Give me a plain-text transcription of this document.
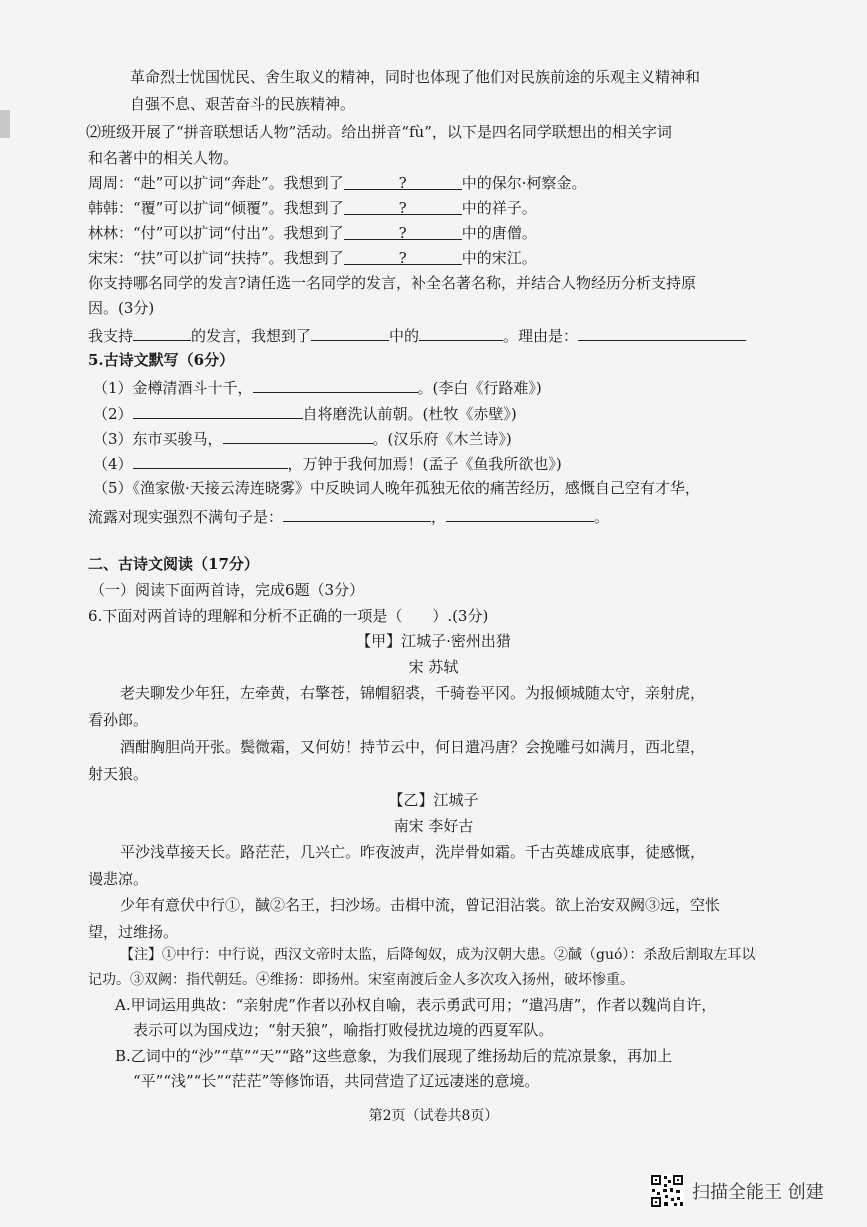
革命烈士忧国忧民、舍生取义的精神，同时也体现了他们对民族前途的乐观主义精神和
自强不息、艰苦奋斗的民族精神。
⑵班级开展了“拼音联想话人物”活动。给出拼音“fù”，以下是四名同学联想出的相关字词
和名著中的相关人物。
周周：“赴”可以扩词“奔赴”。我想到了	?	中的保尔·柯察金。
韩韩：“覆”可以扩词“倾覆”。我想到了	?	中的祥子。
林林：“付”可以扩词“付出”。我想到了	?	中的唐僧。
宋宋：“扶”可以扩词“扶持”。我想到了	?	中的宋江。
你支持哪名同学的发言?请任选一名同学的发言，补全名著名称，并结合人物经历分析支持原
因。(3分)
我支持	的发言，我想到了	中的	。理由是：
5.古诗文默写（6分）
（1）金樽清酒斗十千，	。(李白《行路难》)
（2）	自将磨洗认前朝。(杜牧《赤壁》)
（3）东市买骏马，	。(汉乐府《木兰诗》)
（4）	，万钟于我何加焉！(孟子《鱼我所欲也》)
（5）《渔家傲·天接云涛连晓雾》中反映词人晚年孤独无依的痛苦经历，感慨自己空有才华，
流露对现实强烈不满句子是：	，	。
二、古诗文阅读（17分）
（一）阅读下面两首诗，完成6题（3分）
6.下面对两首诗的理解和分析不正确的一项是（　　）.(3分)
【甲】江城子·密州出猎
宋 苏轼
老夫聊发少年狂，左牵黄，右擎苍，锦帽貂裘，千骑卷平冈。为报倾城随太守，亲射虎，
看孙郎。
酒酣胸胆尚开张。鬓微霜，又何妨！持节云中，何日遣冯唐？会挽雕弓如满月，西北望，
射天狼。
【乙】江城子
南宋 李好古
平沙浅草接天长。路茫茫，几兴亡。昨夜波声，洗岸骨如霜。千古英雄成底事，徒感慨，
谩悲凉。
少年有意伏中行①，馘②名王，扫沙场。击楫中流，曾记泪沾裳。欲上治安双阙③远，空怅
望，过维扬。
【注】①中行：中行说，西汉文帝时太监，后降匈奴，成为汉朝大患。②馘（guó）：杀敌后割取左耳以
记功。③双阙：指代朝廷。④维扬：即扬州。宋室南渡后金人多次攻入扬州，破坏惨重。
A.甲词运用典故：“亲射虎”作者以孙权自喻，表示勇武可用；“遣冯唐”，作者以魏尚自许，
表示可以为国戍边；“射天狼”，喻指打败侵扰边境的西夏军队。
B.乙词中的“沙”“草”“天”“路”这些意象，为我们展现了维扬劫后的荒凉景象，再加上
“平”“浅”“长”“茫茫”等修饰语，共同营造了辽远凄迷的意境。
第2页（试卷共8页）
扫描全能王 创建
